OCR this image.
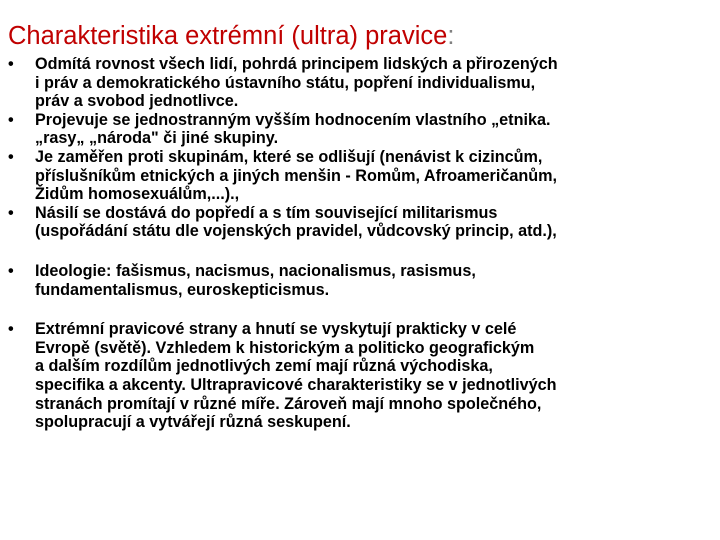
Charakteristika extrémní (ultra) pravice:
• Odmítá rovnost všech lidí, pohrdá principem lidských a přirozených
i práv a demokratického ústavního státu, popření individualismu,
práv a svobod jednotlivce.
• Projevuje se jednostranným vyšším hodnocením vlastního „etnika.
„rasy„ „národa" či jiné skupiny.
• Je zaměřen proti skupinám, které se odlišují (nenávist k cizincům,
příslušníkům etnických a jiných menšin - Romům, Afroameričanům,
Židům homosexuálům,...).,
• Násilí se dostává do popředí a s tím související militarismus
(uspořádání státu dle vojenských pravidel, vůdcovský princip, atd.),
• Ideologie: fašismus, nacismus, nacionalismus, rasismus,
fundamentalismus, euroskepticismus.
• Extrémní pravicové strany a hnutí se vyskytují prakticky v celé
Evropě (světě). Vzhledem k historickým a politicko geografickým
a dalším rozdílům jednotlivých zemí mají různá východiska,
specifika a akcenty. Ultrapravicové charakteristiky se v jednotlivých
stranách promítají v různé míře. Zároveň mají mnoho společného,
spolupracují a vytvářejí různá seskupení.
